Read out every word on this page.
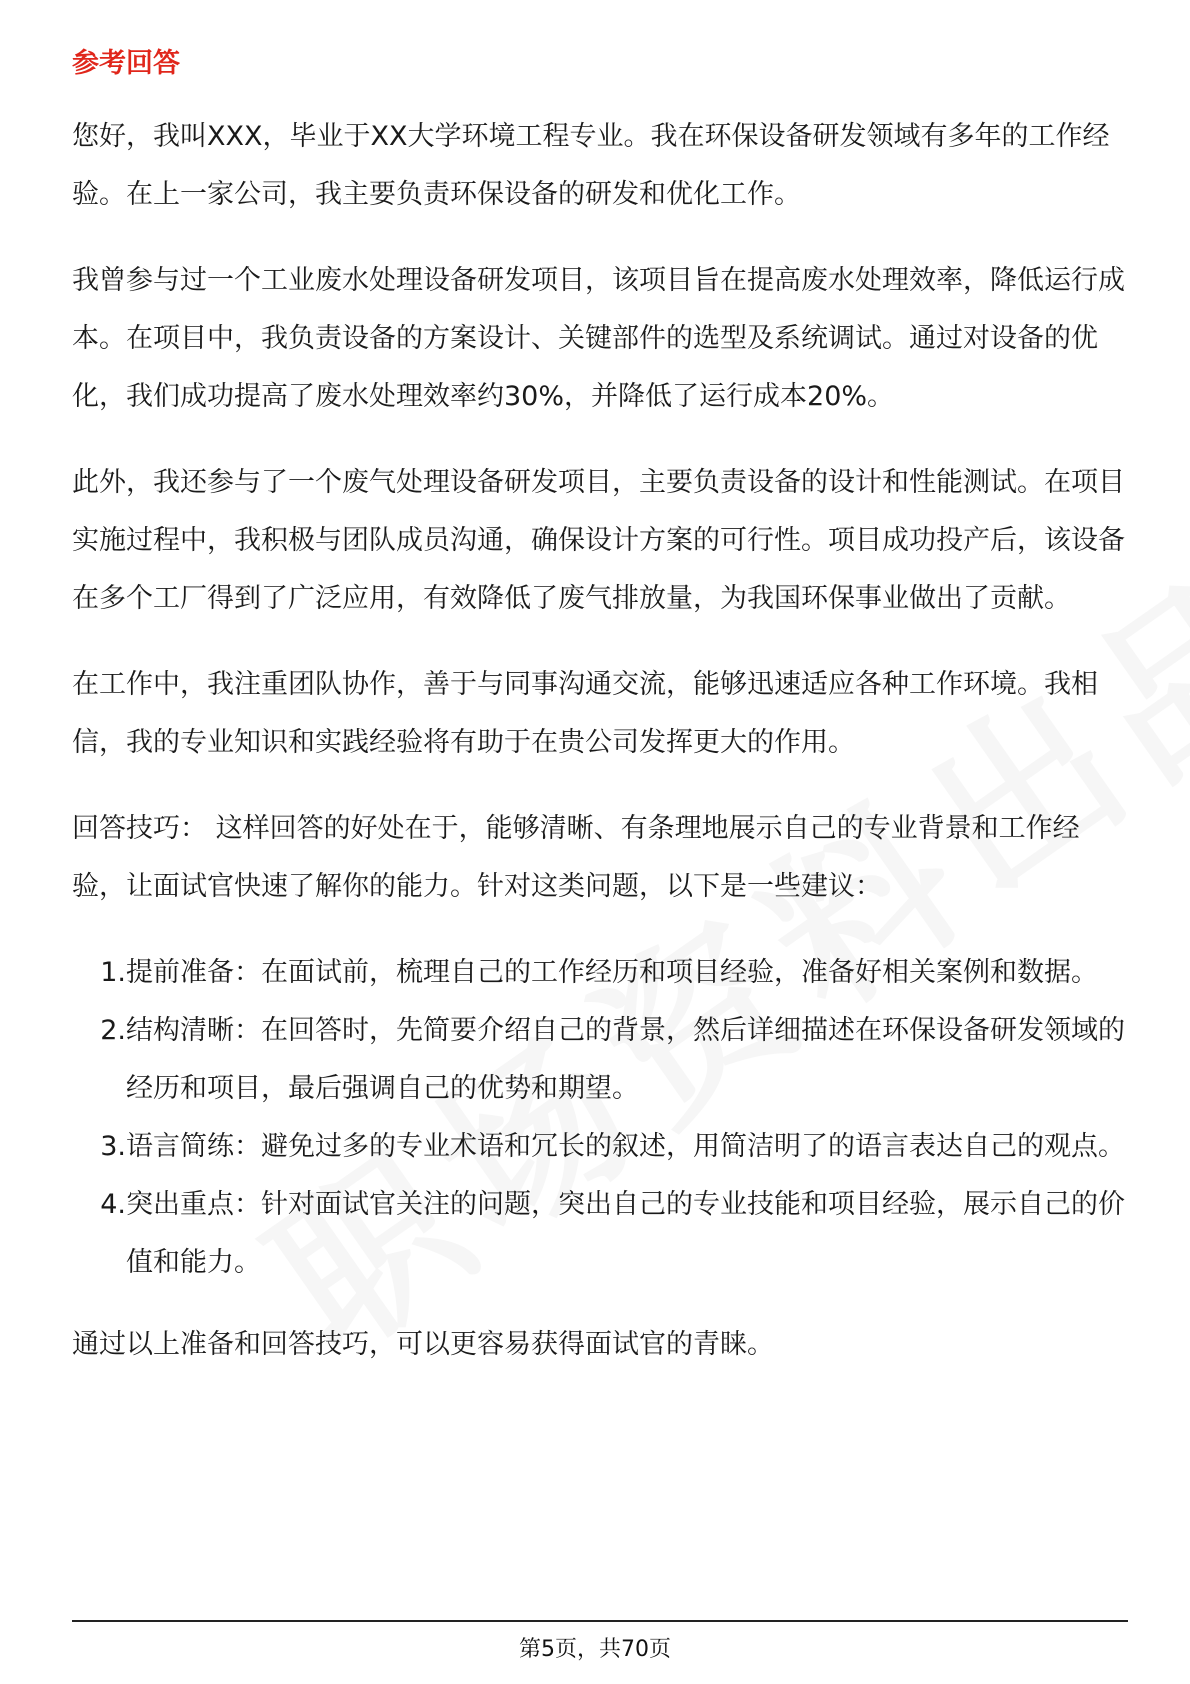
参考回答

您好，我叫XXX，毕业于XX大学环境工程专业。我在环保设备研发领域有多年的工作经验。在上一家公司，我主要负责环保设备的研发和优化工作。

我曾参与过一个工业废水处理设备研发项目，该项目旨在提高废水处理效率，降低运行成本。在项目中，我负责设备的方案设计、关键部件的选型及系统调试。通过对设备的优化，我们成功提高了废水处理效率约30%，并降低了运行成本20%。

此外，我还参与了一个废气处理设备研发项目，主要负责设备的设计和性能测试。在项目实施过程中，我积极与团队成员沟通，确保设计方案的可行性。项目成功投产后，该设备在多个工厂得到了广泛应用，有效降低了废气排放量，为我国环保事业做出了贡献。

在工作中，我注重团队协作，善于与同事沟通交流，能够迅速适应各种工作环境。我相信，我的专业知识和实践经验将有助于在贵公司发挥更大的作用。

回答技巧： 这样回答的好处在于，能够清晰、有条理地展示自己的专业背景和工作经验，让面试官快速了解你的能力。针对这类问题，以下是一些建议：

1. 提前准备：在面试前，梳理自己的工作经历和项目经验，准备好相关案例和数据。
2. 结构清晰：在回答时，先简要介绍自己的背景，然后详细描述在环保设备研发领域的经历和项目，最后强调自己的优势和期望。
3. 语言简练：避免过多的专业术语和冗长的叙述，用简洁明了的语言表达自己的观点。
4. 突出重点：针对面试官关注的问题，突出自己的专业技能和项目经验，展示自己的价值和能力。

通过以上准备和回答技巧，可以更容易获得面试官的青睐。

第5页，共70页
